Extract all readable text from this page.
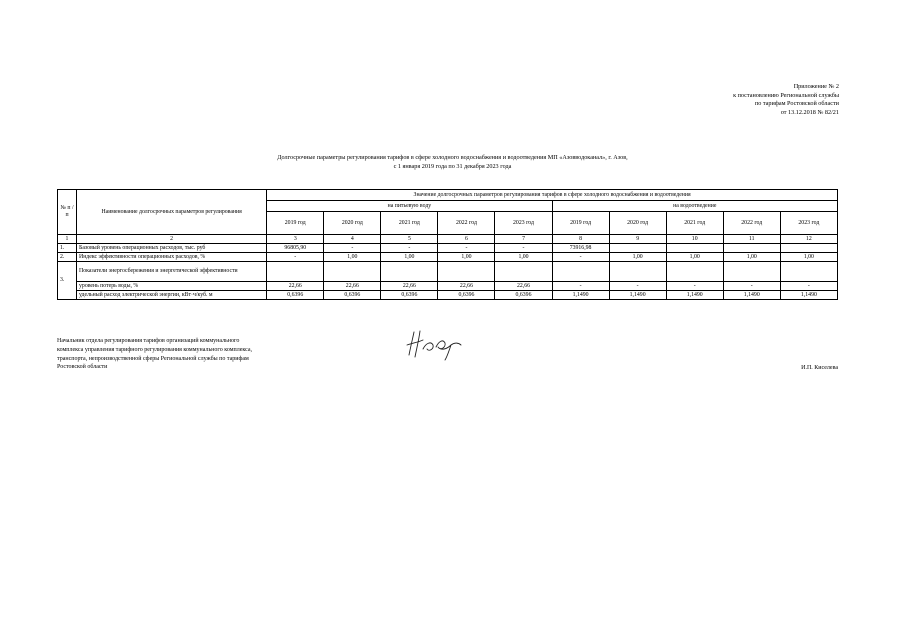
Приложение № 2
к постановлению Региональной службы
по тарифам Ростовской области
от 13.12.2018 № 82/21
Долгосрочные параметры регулирования тарифов в сфере холодного водоснабжения и водоотведения МП «Азовводоканал», г. Азов,
с 1 января 2019 года по 31 декабря 2023 года
№ п /п	Наименование долгосрочных параметров регулирования	Значение долгосрочных параметров регулирования тарифов в сфере холодного водоснабжения и водоотведения									
		на питьевую воду					на водоотведение				
		2019 год	2020 год	2021 год	2022 год	2023 год	2019 год	2020 год	2021 год	2022 год	2023 год
1	2	3	4	5	6	7	8	9	10	11	12
1.	Базовый уровень операционных расходов, тыс. руб	96805,90	-	-	-	-	73916,98				
2.	Индекс эффективности операционных расходов, %	-	1,00	1,00	1,00	1,00	-	1,00	1,00	1,00	1,00
3.	Показатели энергосбережения и энергетической эффективности										
	уровень потерь воды, %	22,66	22,66	22,66	22,66	22,66	-	-	-	-	-
	удельный расход электрической энергии, кВт·ч/куб. м	0,6396	0,6396	0,6396	0,6396	0,6396	1,1490	1,1490	1,1490	1,1490	1,1490
Начальник отдела регулирования тарифов организаций коммунального
комплекса управления тарифного регулирования коммунального комплекса,
транспорта, непроизводственной сферы Региональной службы по тарифам
Ростовской области	И.П. Киселева
